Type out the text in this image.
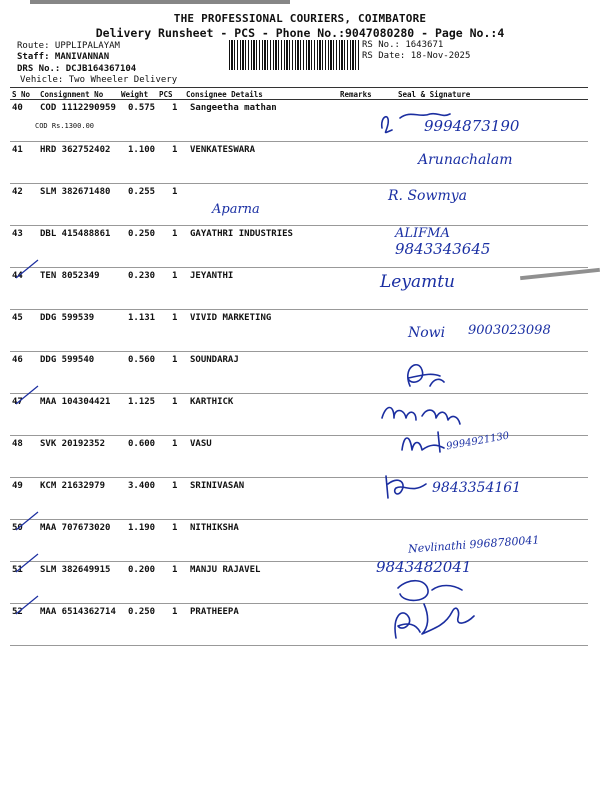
THE PROFESSIONAL COURIERS, COIMBATORE
Delivery Runsheet - PCS - Phone No.:9047080280 - Page No.:4
Route: UPPLIPALAYAM
Staff: MANIVANNAN
DRS No.: DCJB164367104
Vehicle: Two Wheeler Delivery
RS No.: 1643671
RS Date: 18-Nov-2025
S No Consignment No Weight PCS Consignee Details	Remarks	Seal & Signature
40 COD 1112290959 0.575 1 Sangeetha mathan
COD Rs.1300.00
41 HRD 362752402 1.100 1 VENKATESWARA
42 SLM 382671480 0.255 1
43 DBL 415488861 0.250 1 GAYATHRI INDUSTRIES
44 TEN 8052349	0.230 1 JEYANTHI
45 DDG 599539	1.131 1 VIVID MARKETING
46 DDG 599540	0.560 1 SOUNDARAJ
47 MAA 104304421 1.125 1 KARTHICK
48 SVK 20192352	0.600 1 VASU
49 KCM 21632979	3.400 1 SRINIVASAN
50 MAA 707673020 1.190 1 NITHIKSHA
51 SLM 382649915 0.200 1 MANJU RAJAVEL
52 MAA 6514362714 0.250 1 PRATHEEPA
9994873190
Arunachalam
R. Sowmya
Aparna
ALIFMA
9843343645
Leyamtu
Nowi 9003023098
9994921130
9843354161
Nevlinathi 9968780041
9843482041
